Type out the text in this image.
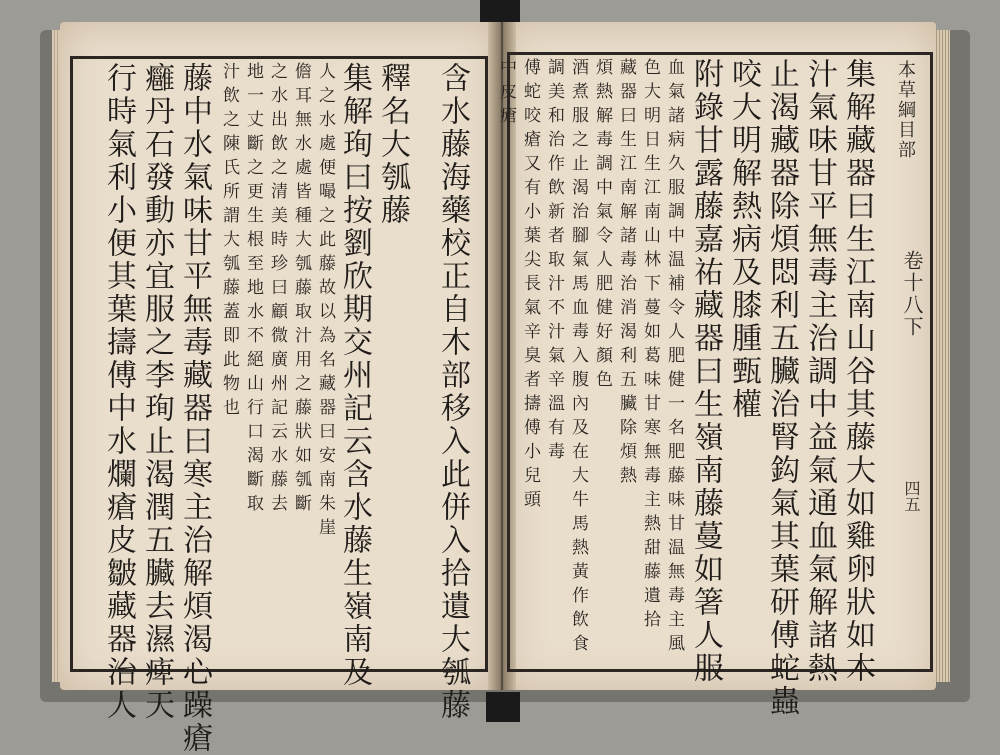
本草綱目部
卷十八下
四五
集解藏器曰生江南山谷其藤大如雞卵狀如木
汁氣味甘平無毒主治調中益氣通血氣解諸熱
止渴藏器除煩悶利五臟治腎鈎氣其葉研傅蛇蟲
咬大明解熱病及膝腫甄權
附錄甘露藤嘉祐藏器曰生嶺南藤蔓如箸人服
血氣諸病久服調中温補令人肥健一名肥藤味甘温無毒主風
色大明日生江南山林下蔓如葛味甘寒無毒主熱甜藤遺拾
藏器曰生江南解諸毒治消渴利五臟除煩熱
煩熱解毒調中氣令人肥健好顏色
酒煮服之止渴治腳氣馬血毒入腹內及在大牛馬熱黃作飲食
調美和治作飲新者取汁不汁氣辛溫有毒
傅蛇咬瘡又有小葉尖長氣辛臭者擣傅小兒頭
中皮瘡
含水藤海藥校正自木部移入此併入拾遺大瓠藤
釋名大瓠藤
集解珣曰按劉欣期交州記云含水藤生嶺南及
人之水處便嘬之此藤故以為名藏器曰安南朱崖
儋耳無水處皆種大瓠藤取汁用之藤狀如瓠斷
之水出飲之清美時珍曰顧微廣州記云水藤去
地一丈斷之更生根至地水不絕山行口渴斷取
汁飲之陳氏所謂大瓠藤蓋即此物也
藤中水氣味甘平無毒藏器曰寒主治解煩渴心躁瘡
癰丹石發動亦宜服之李珣止渴潤五臟去濕痺天
行時氣利小便其葉擣傅中水爛瘡皮皺藏器治人
